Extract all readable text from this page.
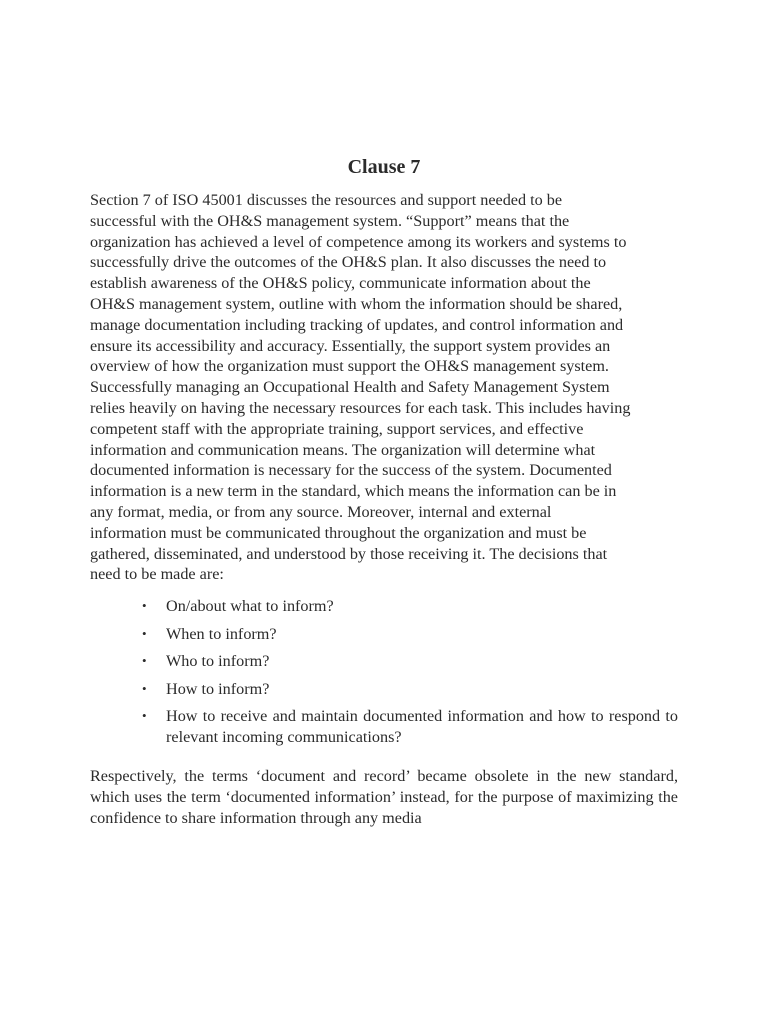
Clause 7
Section 7 of ISO 45001 discusses the resources and support needed to be
successful with the OH&S management system. “Support” means that the
organization has achieved a level of competence among its workers and systems to
successfully drive the outcomes of the OH&S plan. It also discusses the need to
establish awareness of the OH&S policy, communicate information about the
OH&S management system, outline with whom the information should be shared,
manage documentation including tracking of updates, and control information and
ensure its accessibility and accuracy. Essentially, the support system provides an
overview of how the organization must support the OH&S management system.
Successfully managing an Occupational Health and Safety Management System
relies heavily on having the necessary resources for each task. This includes having
competent staff with the appropriate training, support services, and effective
information and communication means. The organization will determine what
documented information is necessary for the success of the system. Documented
information is a new term in the standard, which means the information can be in
any format, media, or from any source. Moreover, internal and external
information must be communicated throughout the organization and must be
gathered, disseminated, and understood by those receiving it. The decisions that
need to be made are:
• On/about what to inform?
• When to inform?
• Who to inform?
• How to inform?
• How to receive and maintain documented information and how to respond to relevant incoming communications?

Respectively, the terms ‘document and record’ became obsolete in the new standard, which uses the term ‘documented information’ instead, for the purpose of maximizing the confidence to share information through any media
